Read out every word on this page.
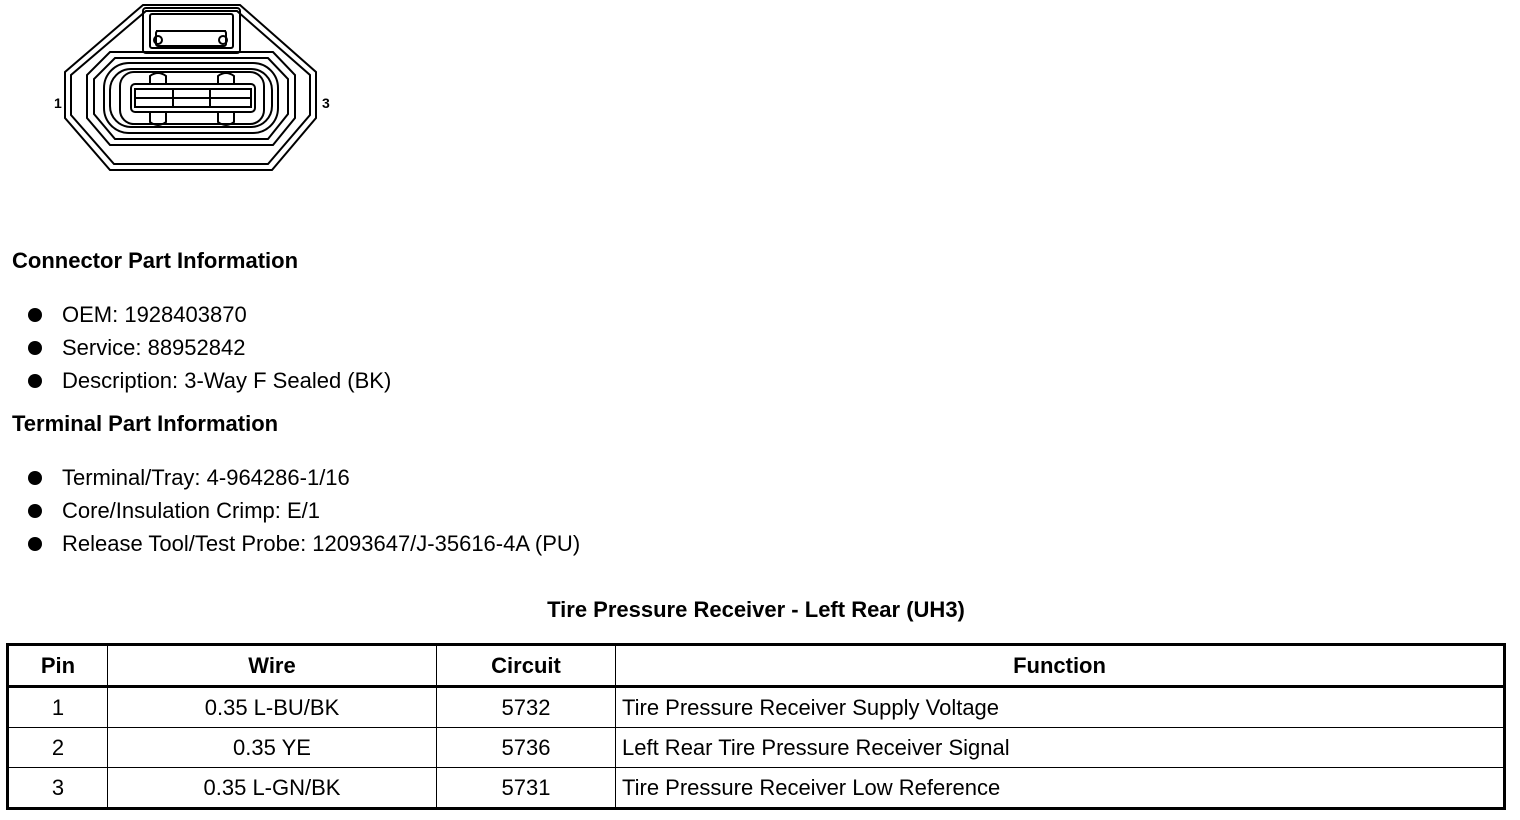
1	3
Connector Part Information
OEM: 1928403870
Service: 88952842
Description: 3-Way F Sealed (BK)
Terminal Part Information
Terminal/Tray: 4-964286-1/16
Core/Insulation Crimp: E/1
Release Tool/Test Probe: 12093647/J-35616-4A (PU)
Tire Pressure Receiver - Left Rear (UH3)
Pin	Wire	Circuit	Function
1	0.35 L-BU/BK	5732	Tire Pressure Receiver Supply Voltage
2	0.35 YE	5736	Left Rear Tire Pressure Receiver Signal
3	0.35 L-GN/BK	5731	Tire Pressure Receiver Low Reference
